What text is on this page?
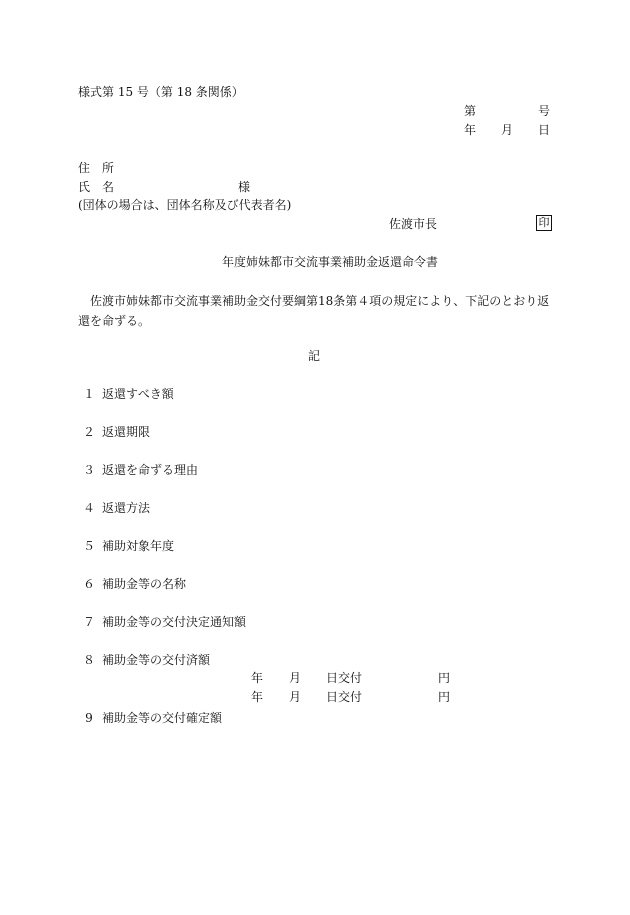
様式第 15 号（第 18 条関係）
第	号
年 月 日
住　所
氏　名	様
(団体の場合は、団体名称及び代表者名)
佐渡市長	印
年度姉妹都市交流事業補助金返還命令書
佐渡市姉妹都市交流事業補助金交付要綱第18条第４項の規定により、下記のとおり返還を命ずる。
記
１ 返還すべき額
２ 返還期限
３ 返還を命ずる理由
４ 返還方法
５ 補助対象年度
６ 補助金等の名称
７ 補助金等の交付決定通知額
８ 補助金等の交付済額
年 月 日交付	円
年 月 日交付	円
9 補助金等の交付確定額
